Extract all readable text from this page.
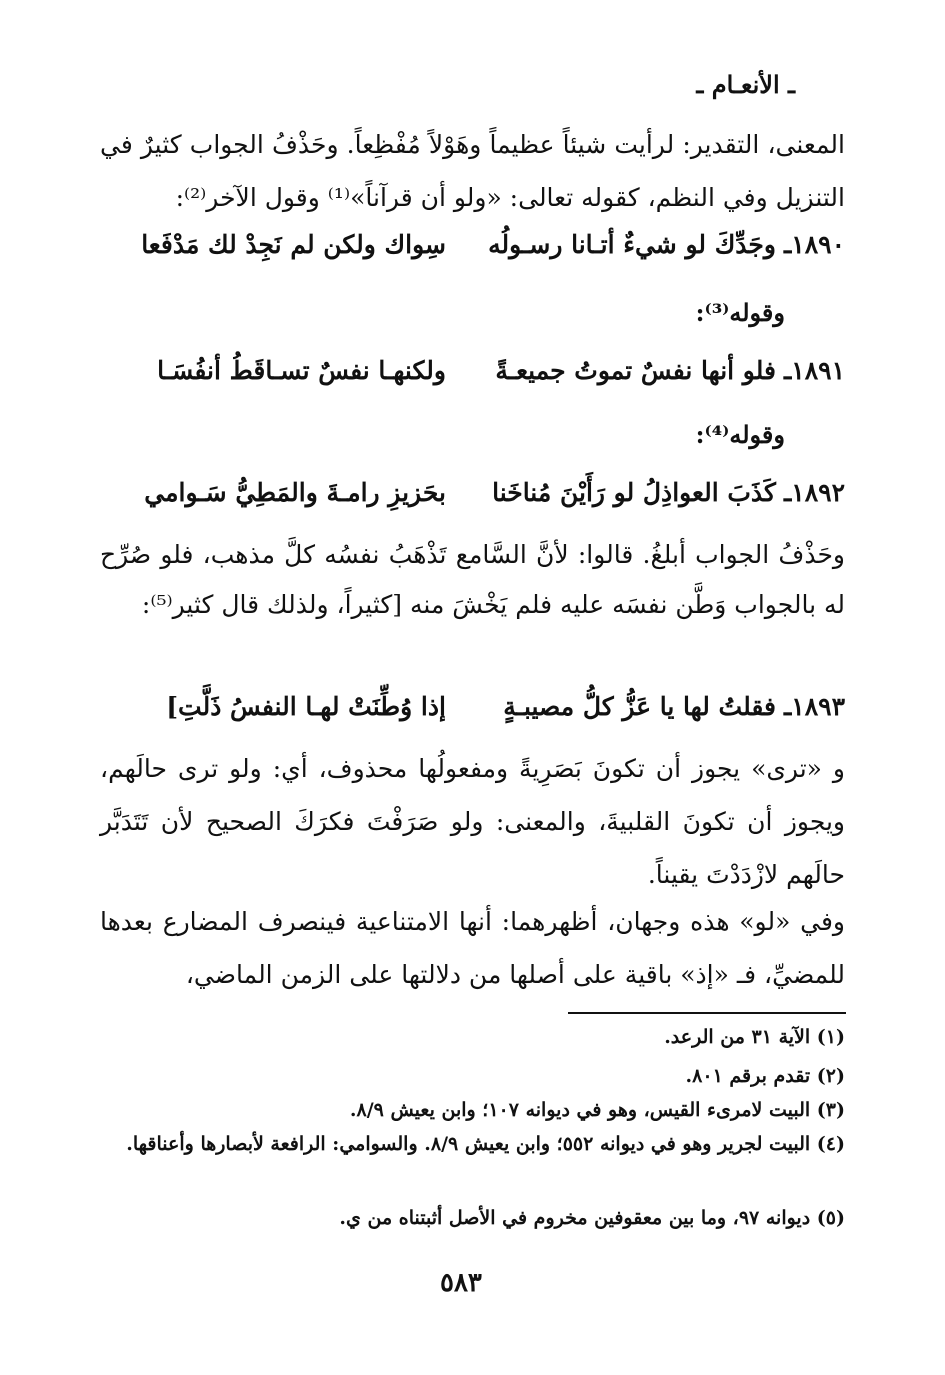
ـ الأنعـام ـ
المعنى، التقدير: لرأيت شيئاً عظيماً وهَوْلاً مُفْظِعاً. وحَذْفُ الجواب كثيرٌ في التنزيل وفي النظم، كقوله تعالى: «ولو أن قرآناً»⁽¹⁾ وقول الآخر⁽²⁾:
١٨٩٠ـ
وجَدِّكَ لو شيءٌ أتـانا رسـولُه
سِواك ولكن لم نَجِدْ لك مَدْفَعا
وقوله⁽³⁾:
١٨٩١ـ
فلو أنها نفسٌ تموتُ جميعـةً
ولكنهـا نفسٌ تسـاقَطُ أنفُسَـا
وقوله⁽⁴⁾:
١٨٩٢ـ
كَذَبَ العواذِلُ لو رَأَيْنَ مُناخَنا
بحَزيزِ رامـةَ والمَطِيُّ سَـوامي
وحَذْفُ الجواب أبلغُ. قالوا: لأنَّ السَّامع تَذْهَبُ نفسُه كلَّ مذهب، فلو صُرِّح له بالجواب وَطَّن نفسَه عليه فلم يَخْشَ منه [كثيراً، ولذلك قال كثير⁽⁵⁾:
١٨٩٣ـ
فقلتُ لها يا عَزُّ كلُّ مصيبـةٍ
إذا وُطِّنَتْ لهـا النفسُ ذَلَّتِ]
و «ترى» يجوز أن تكونَ بَصَرِيةً ومفعولُها محذوف، أي: ولو ترى حالَهم، ويجوز أن تكونَ القلبيةَ، والمعنى: ولو صَرَفْتَ فكرَكَ الصحيح لأن تَتَدَبَّر حالَهم لازْدَدْتَ يقيناً.
وفي «لو» هذه وجهان، أظهرهما: أنها الامتناعية فينصرف المضارع بعدها للمضيِّ، فـ «إذ» باقية على أصلها من دلالتها على الزمن الماضي،
(١) الآية ٣١ من الرعد.
(٢) تقدم برقم ٨٠١.
(٣) البيت لامرىء القيس، وهو في ديوانه ١٠٧؛ وابن يعيش ٨/٩.
(٤) البيت لجرير وهو في ديوانه ٥٥٢؛ وابن يعيش ٨/٩. والسوامي: الرافعة لأبصارها وأعناقها.
(٥) ديوانه ٩٧، وما بين معقوفين مخروم في الأصل أثبتناه من ي.
٥٨٣
